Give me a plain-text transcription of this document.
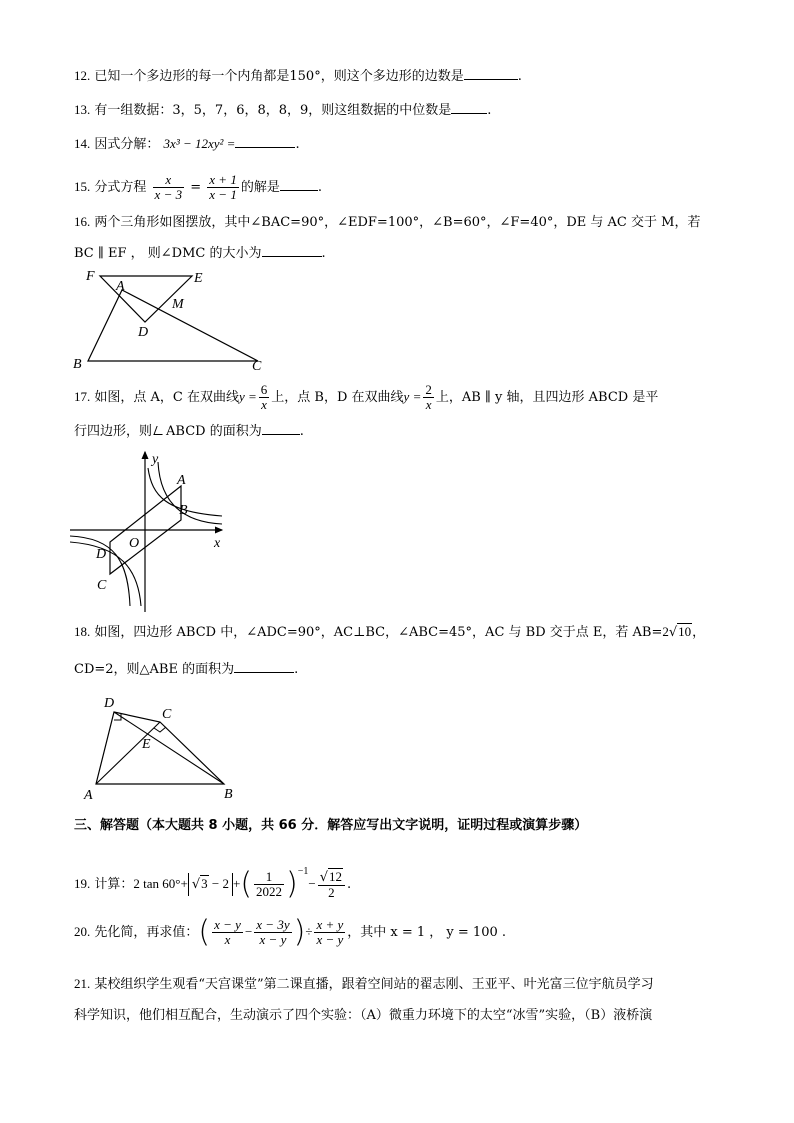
12. 已知一个多边形的每一个内角都是150°，则这个多边形的边数是	.
13. 有一组数据：3，5，7，6，8，8，9，则这组数据的中位数是	.
14. 因式分解： 3x³ − 12xy² =	.
15. 分式方程 $\frac{x}{x - 3} = \frac{x + 1}{x - 1}$ 的解是	.
16. 两个三角形如图摆放，其中∠BAC=90°，∠EDF=100°，∠B=60°，∠F=40°，DE 与 AC 交于 M，若
BC ∥ EF ， 则∠DMC 的大小为	.
F
A
E
M
D
B	C
17. 如图，点 A，C 在双曲线$y = \frac{6}{x}$ 上，点 B，D 在双曲线$y = \frac{2}{x}$ 上，AB ∥ y 轴，且四边形 ABCD 是平
行四边形，则 ABCD 的面积为	.
y
x
O
A
B
C
D
18. 如图，四边形 ABCD 中，∠ADC=90°，AC⊥BC，∠ABC=45°，AC 与 BD 交于点 E，若 AB=2√10，
CD=2，则△ABE 的面积为	.
D
C
E
A	B
三、解答题（本大题共 8 小题，共 66 分．解答应写出文字说明，证明过程或演算步骤）
19. 计算：2 tan 60°+ √3 − 2 +( $\frac{1}{2022} )^{-1}- \frac{√12}{2}$ .
20. 先化简，再求值：( $\frac{x - y}{x} - \frac{x - 3y}{x - y}$ )÷ $\frac{x + y}{x - y}$ ，其中 x = 1 ， y = 100 .
21. 某校组织学生观看“天宫课堂”第二课直播，跟着空间站的翟志刚、王亚平、叶光富三位宇航员学习
科学知识，他们相互配合，生动演示了四个实验：（A）微重力环境下的太空“冰雪”实验，（B）液桥演
